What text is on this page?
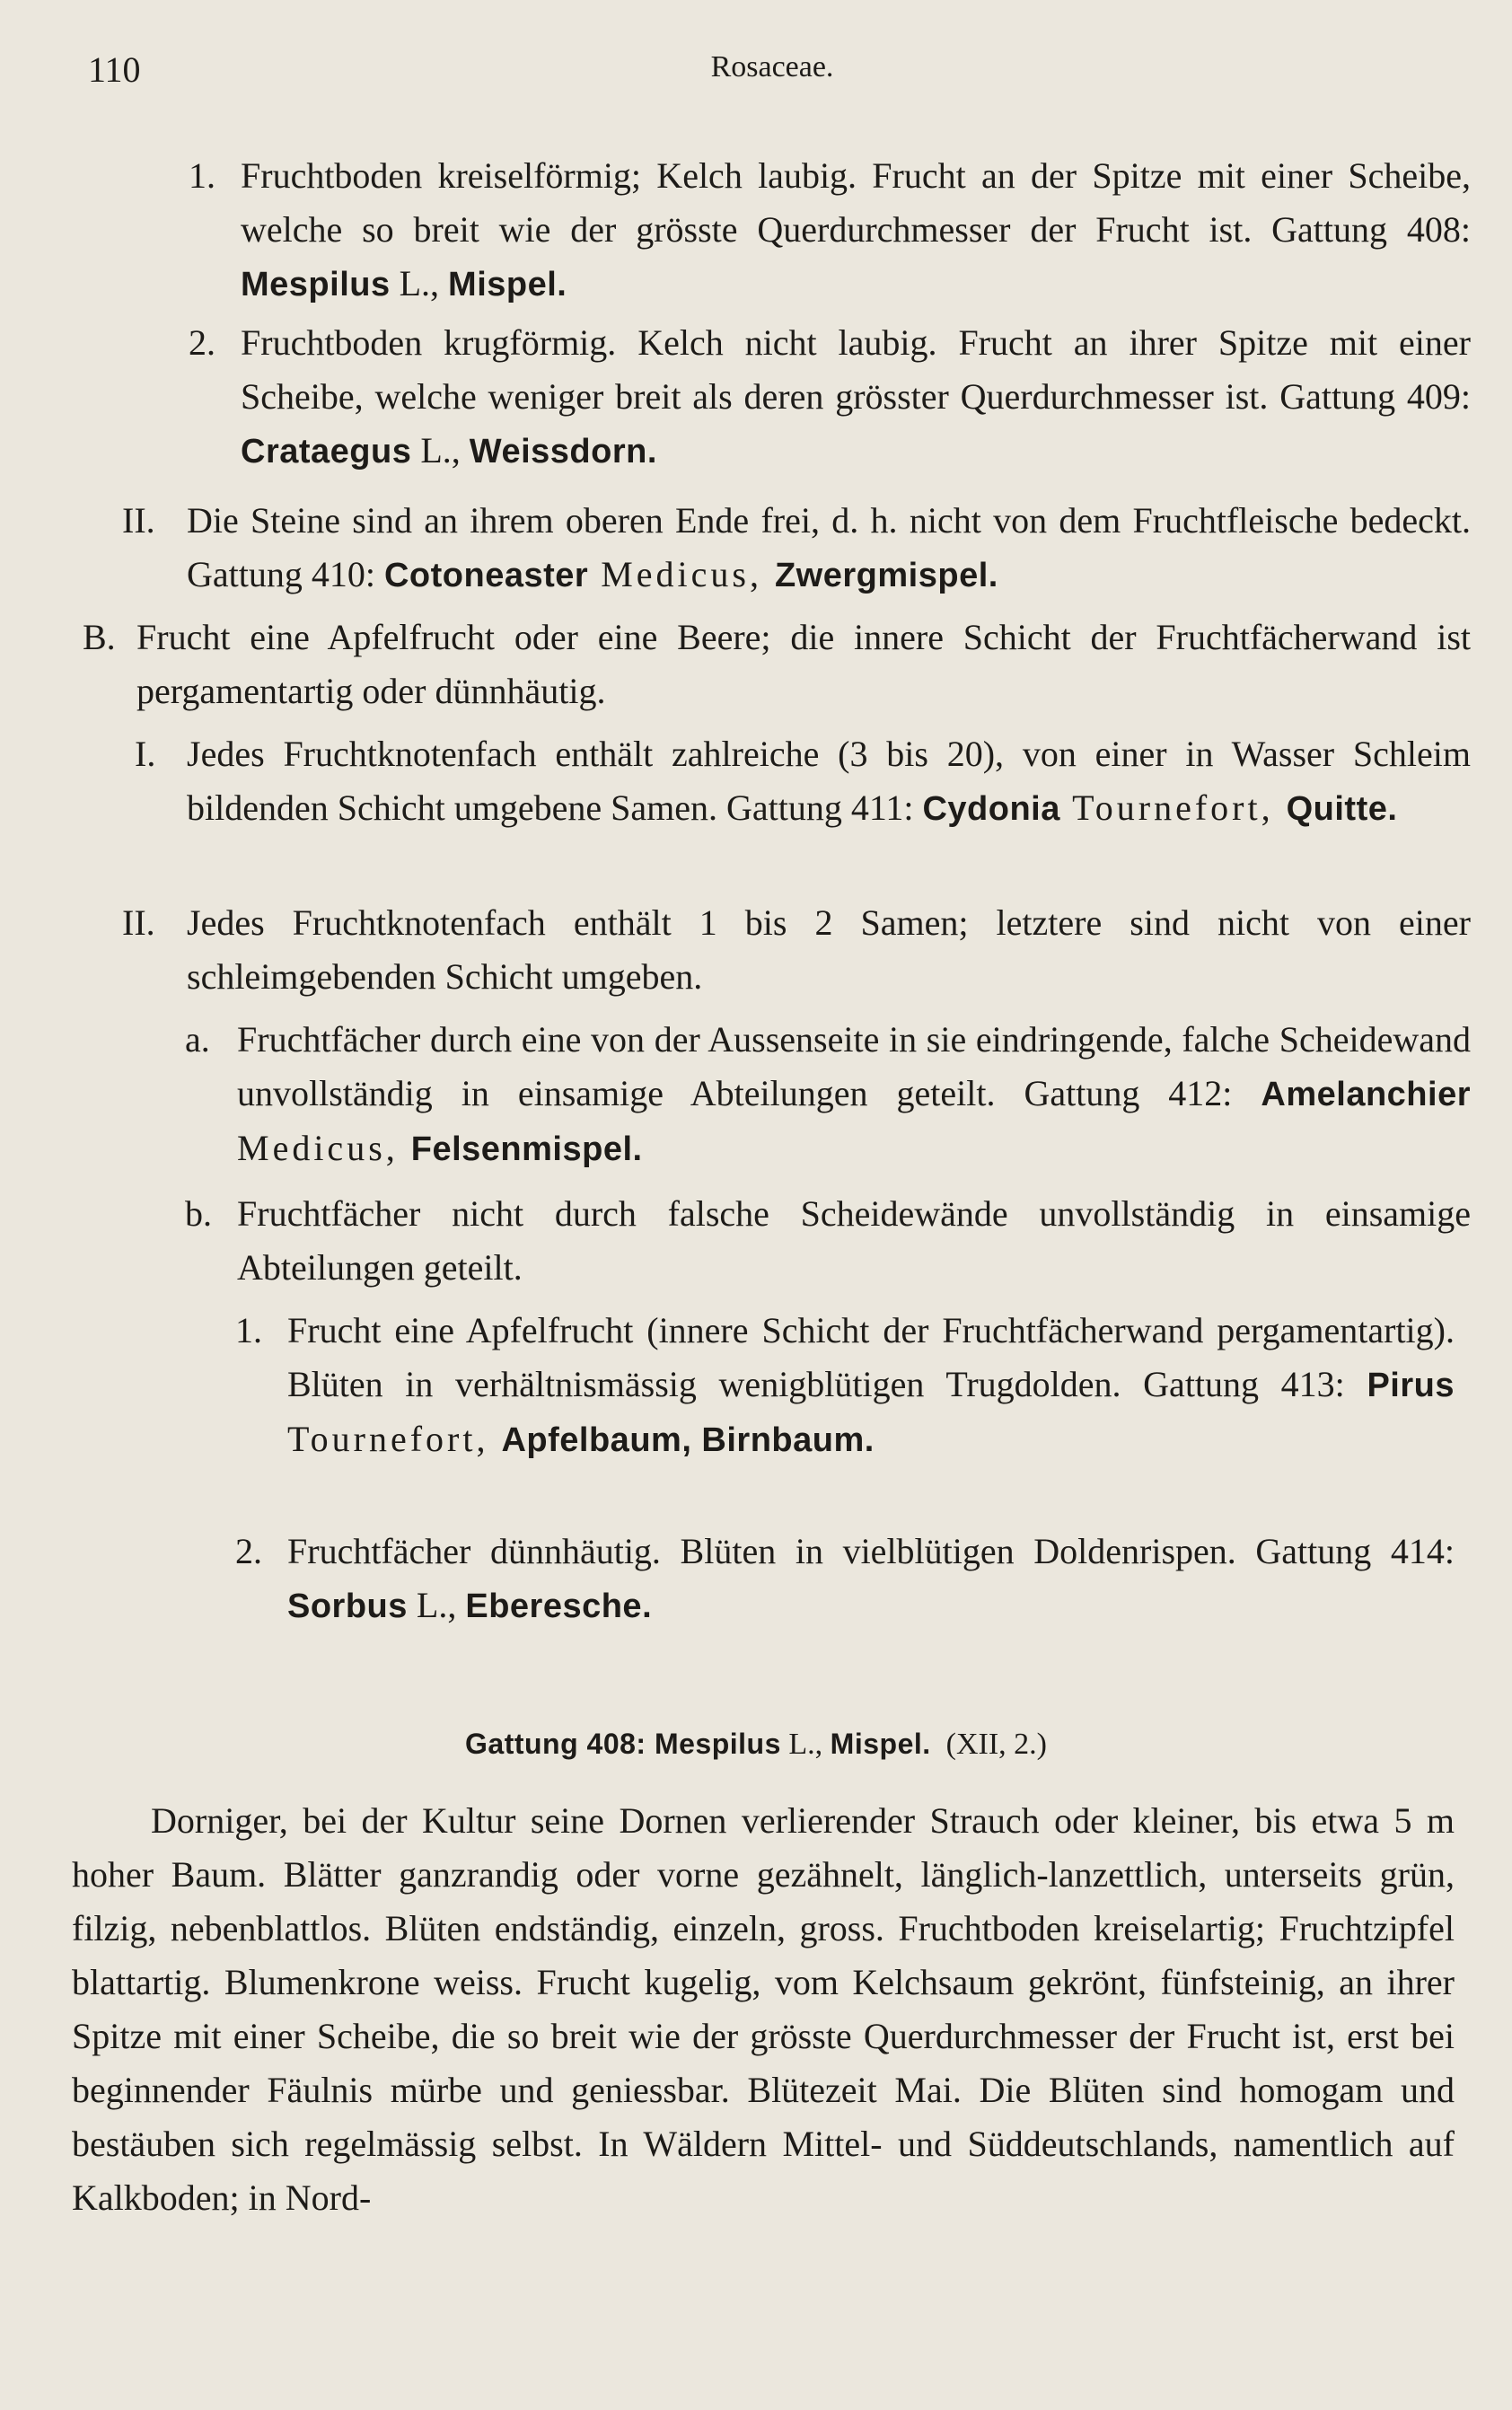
110	Rosaceae.
1. Fruchtboden kreiselförmig; Kelch laubig. Frucht an der Spitze mit einer Scheibe, welche so breit wie der grösste Querdurchmesser der Frucht ist. Gattung 408: Mespilus L., Mispel.
2. Fruchtboden krugförmig. Kelch nicht laubig. Frucht an ihrer Spitze mit einer Scheibe, welche weniger breit als deren grösster Querdurchmesser ist. Gattung 409: Crataegus L., Weissdorn.
II. Die Steine sind an ihrem oberen Ende frei, d. h. nicht von dem Fruchtfleische bedeckt. Gattung 410: Cotoneaster Medicus, Zwergmispel.
B. Frucht eine Apfelfrucht oder eine Beere; die innere Schicht der Fruchtfächerwand ist pergamentartig oder dünnhäutig.
I. Jedes Fruchtknotenfach enthält zahlreiche (3 bis 20), von einer in Wasser Schleim bildenden Schicht umgebene Samen. Gattung 411: Cydonia Tournefort, Quitte.
II. Jedes Fruchtknotenfach enthält 1 bis 2 Samen; letztere sind nicht von einer schleimgebenden Schicht umgeben.
a. Fruchtfächer durch eine von der Aussenseite in sie eindringende, falche Scheidewand unvollständig in einsamige Abteilungen geteilt. Gattung 412: Amelanchier Medicus, Felsenmispel.
b. Fruchtfächer nicht durch falsche Scheidewände unvollständig in einsamige Abteilungen geteilt.
1. Frucht eine Apfelfrucht (innere Schicht der Fruchtfächerwand pergamentartig). Blüten in verhältnismässig wenigblütigen Trugdolden. Gattung 413: Pirus Tournefort, Apfelbaum, Birnbaum.
2. Fruchtfächer dünnhäutig. Blüten in vielblütigen Doldenrispen. Gattung 414: Sorbus L., Eberesche.
Gattung 408: Mespilus L., Mispel.  (XII, 2.)
Dorniger, bei der Kultur seine Dornen verlierender Strauch oder kleiner, bis etwa 5 m hoher Baum. Blätter ganzrandig oder vorne gezähnelt, länglich-lanzettlich, unterseits grün, filzig, nebenblattlos. Blüten endständig, einzeln, gross. Fruchtboden kreiselartig; Fruchtzipfel blattartig. Blumenkrone weiss. Frucht kugelig, vom Kelchsaum gekrönt, fünfsteinig, an ihrer Spitze mit einer Scheibe, die so breit wie der grösste Querdurchmesser der Frucht ist, erst bei beginnender Fäulnis mürbe und geniessbar. Blütezeit Mai. Die Blüten sind homogam und bestäuben sich regelmässig selbst. In Wäldern Mittel- und Süddeutschlands, namentlich auf Kalkboden; in Nord-
